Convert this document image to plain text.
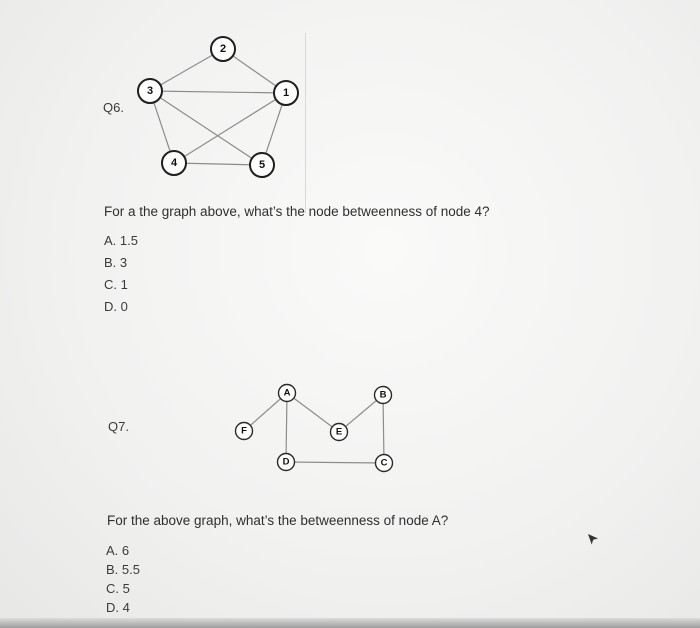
Q6.
2
3	1
4	5
A	B
F	E
D	C
For a the graph above, what’s the node betweenness of node 4?
A. 1.5
B. 3
C. 1
D. 0
Q7.
For the above graph, what’s the betweenness of node A?
A. 6
B. 5.5
C. 5
D. 4
